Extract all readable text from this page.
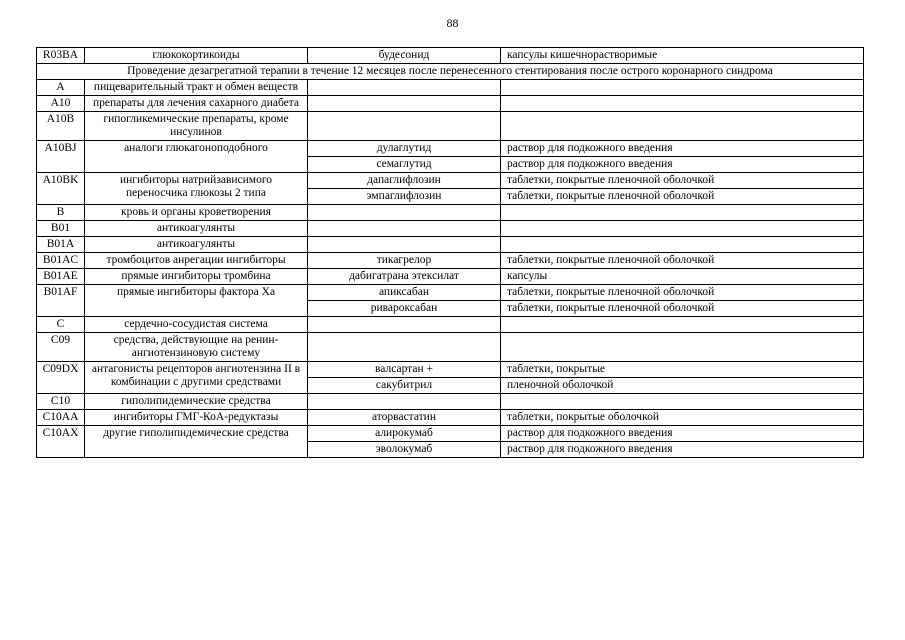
88
R03BA	глюкокортикоиды	будесонид	капсулы кишечнорастворимые
Проведение дезагрегатной терапии в течение 12 месяцев после перенесенного стентирования после острого коронарного синдрома			
A	пищеварительный тракт и обмен веществ		
A10	препараты для лечения сахарного диабета		
A10B	гипогликемические препараты, кроме инсулинов		
A10BJ	аналоги глюкагоноподобного	дулаглутид	раствор для подкожного введения
		семаглутид	раствор для подкожного введения
A10BK	ингибиторы натрийзависимого переносчика глюкозы 2 типа	дапаглифлозин	таблетки, покрытые пленочной оболочкой
		эмпаглифлозин	таблетки, покрытые пленочной оболочкой
B	кровь и органы кроветворения		
B01	антикоагулянты		
B01A	антикоагулянты		
B01AC	тромбоцитов анрегации ингибиторы	тикагрелор	таблетки, покрытые пленочной оболочкой
B01AE	прямые ингибиторы тромбина	дабигатрана этексилат	капсулы
B01AF	прямые ингибиторы фактора Ха	апиксабан	таблетки, покрытые пленочной оболочкой
		ривароксабан	таблетки, покрытые пленочной оболочкой
C	сердечно-сосудистая система		
C09	средства, действующие на ренин-ангиотензиновую систему		
C09DX	антагонисты рецепторов ангиотензина II в комбинации с другими средствами	валсартан +	таблетки, покрытые
		сакубитрил	пленочной оболочкой
C10	гиполипидемические средства		
C10AA	ингибиторы ГМГ-КоА-редуктазы	аторвастатин	таблетки, покрытые оболочкой
C10AX	другие гиполипидемические средства	алирокумаб	раствор для подкожного введения
		эволокумаб	раствор для подкожного введения
